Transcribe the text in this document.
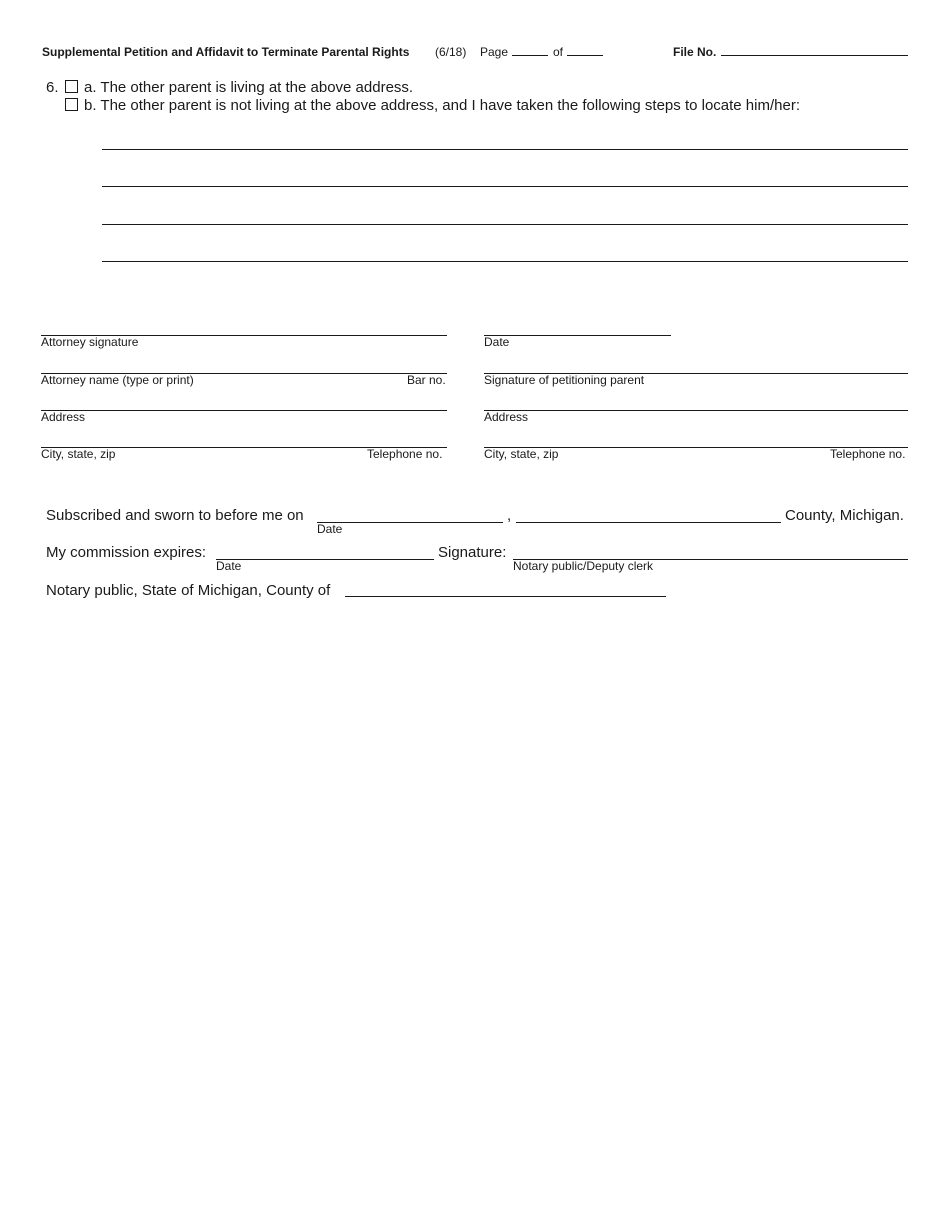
Supplemental Petition and Affidavit to Terminate Parental Rights (6/18) Page	of	File No.
6. a. The other parent is living at the above address.
b. The other parent is not living at the above address, and I have taken the following steps to locate him/her:
Attorney signature	Date
Attorney name (type or print)	Bar no.	Signature of petitioning parent
Address	Address
City, state, zip	Telephone no.	City, state, zip	Telephone no.
Subscribed and sworn to before me on
Date
,	County, Michigan.
My commission expires:
Date
Signature:
Notary public/Deputy clerk
Notary public, State of Michigan, County of
